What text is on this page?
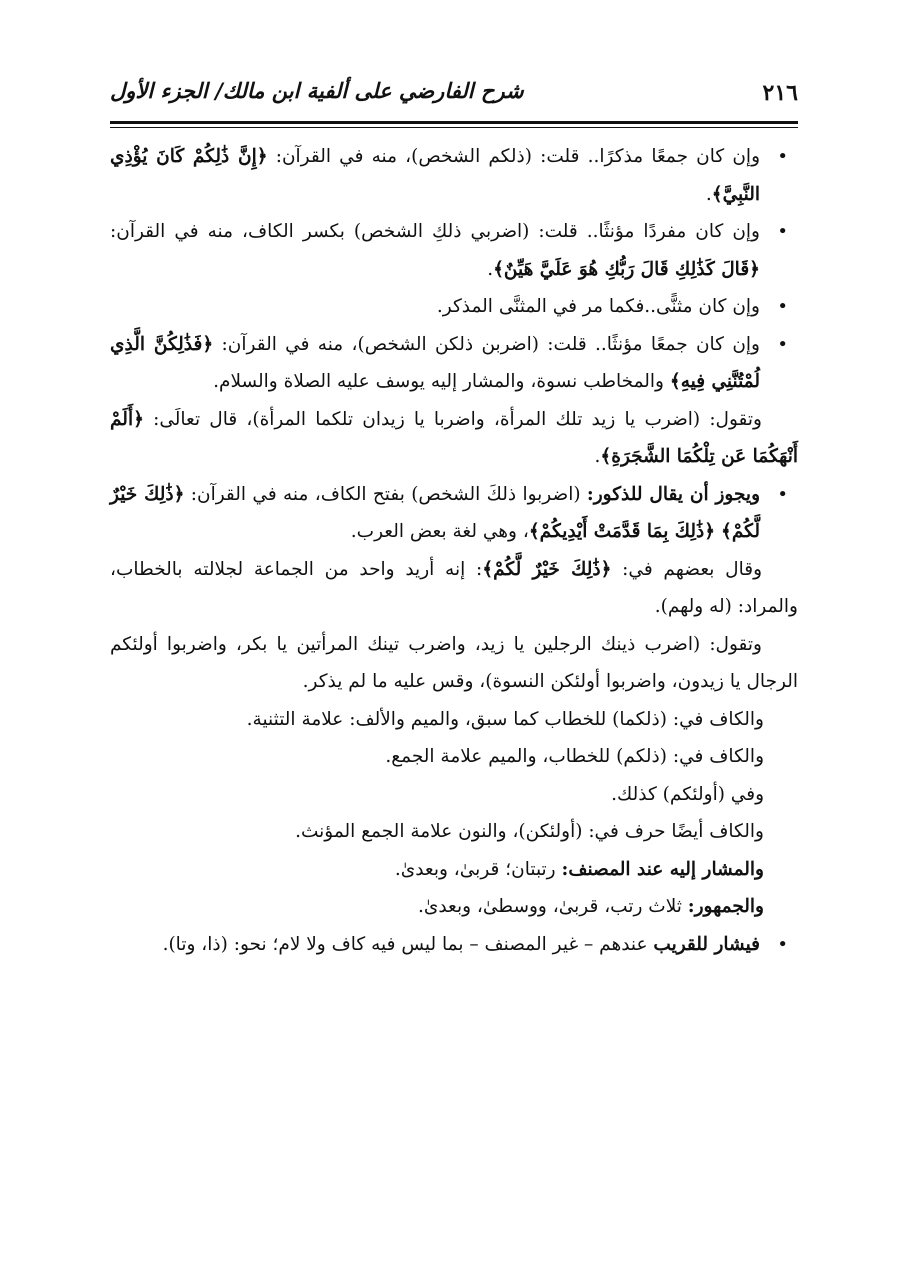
٢١٦
شرح الفارضي على ألفية ابن مالك/ الجزء الأول

• وإن كان جمعًا مذكرًا.. قلت: (ذلكم الشخص)، منه في القرآن: ﴿إِنَّ ذَٰلِكُمْ كَانَ يُؤْذِي النَّبِيَّ﴾.

• وإن كان مفردًا مؤنثًا.. قلت: (اضربي ذلكِ الشخص) بكسر الكاف، منه في القرآن: ﴿قَالَ كَذَٰلِكِ قَالَ رَبُّكِ هُوَ عَلَيَّ هَيِّنٌ﴾.

• وإن كان مثنًّى..فكما مر في المثنَّى المذكر.

• وإن كان جمعًا مؤنثًا.. قلت: (اضربن ذلكن الشخص)، منه في القرآن: ﴿فَذَٰلِكُنَّ الَّذِي لُمْتُنَّنِي فِيهِ﴾ والمخاطب نسوة، والمشار إليه يوسف عليه الصلاة والسلام.

وتقول: (اضرب يا زيد تلك المرأة، واضربا يا زيدان تلكما المرأة)، قال تعالَى: ﴿أَلَمْ أَنْهَكُمَا عَن تِلْكُمَا الشَّجَرَةِ﴾.

• ويجوز أن يقال للذكور: (اضربوا ذلكَ الشخص) بفتح الكاف، منه في القرآن: ﴿ذَٰلِكَ خَيْرٌ لَّكُمْ﴾ ﴿ذَٰلِكَ بِمَا قَدَّمَتْ أَيْدِيكُمْ﴾، وهي لغة بعض العرب.

وقال بعضهم في: ﴿ذَٰلِكَ خَيْرٌ لَّكُمْ﴾: إنه أريد واحد من الجماعة لجلالته بالخطاب، والمراد: (له ولهم).

وتقول: (اضرب ذينك الرجلين يا زيد، واضرب تينك المرأتين يا بكر، واضربوا أولئكم الرجال يا زيدون، واضربوا أولئكن النسوة)، وقس عليه ما لم يذكر.

والكاف في: (ذلكما) للخطاب كما سبق، والميم والألف: علامة التثنية.

والكاف في: (ذلكم) للخطاب، والميم علامة الجمع.

وفي (أولئكم) كذلك.

والكاف أيضًا حرف في: (أولئكن)، والنون علامة الجمع المؤنث.

والمشار إليه عند المصنف: رتبتان؛ قربىٰ، وبعدىٰ.

والجمهور: ثلاث رتب، قربىٰ، ووسطىٰ، وبعدىٰ.

• فيشار للقريب عندهم – غير المصنف – بما ليس فيه كاف ولا لام؛ نحو: (ذا، وتا).
